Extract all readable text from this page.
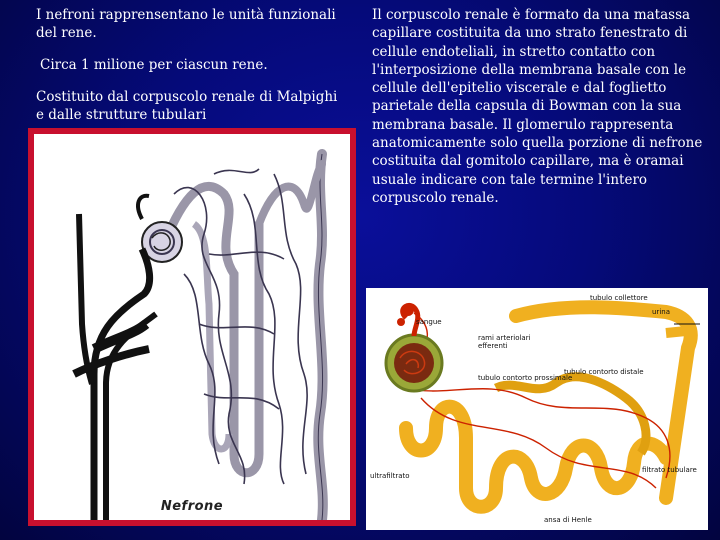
I nefroni rapprensentano le unità funzionali del rene.

Circa 1 milione per ciascun rene.

Costituito dal corpuscolo renale di Malpighi e dalle strutture tubulari

Il corpuscolo renale è formato da una matassa capillare costituita da uno strato fenestrato di cellule endoteliali, in stretto contatto con l'interposizione della membrana basale con le cellule dell'epitelio viscerale e dal foglietto parietale della capsula di Bowman con la sua membrana basale. Il glomerulo rappresenta anatomicamente solo quella porzione di nefrone costituita dal gomitolo capillare, ma è oramai usuale indicare con tale termine l'intero corpuscolo renale.

Nefrone
tubulo collettore
urina
sangue
rami arteriolari efferenti
tubulo contorto prossimale
tubulo contorto distale
ultrafiltrato
ansa di Henle
filtrato tubulare
